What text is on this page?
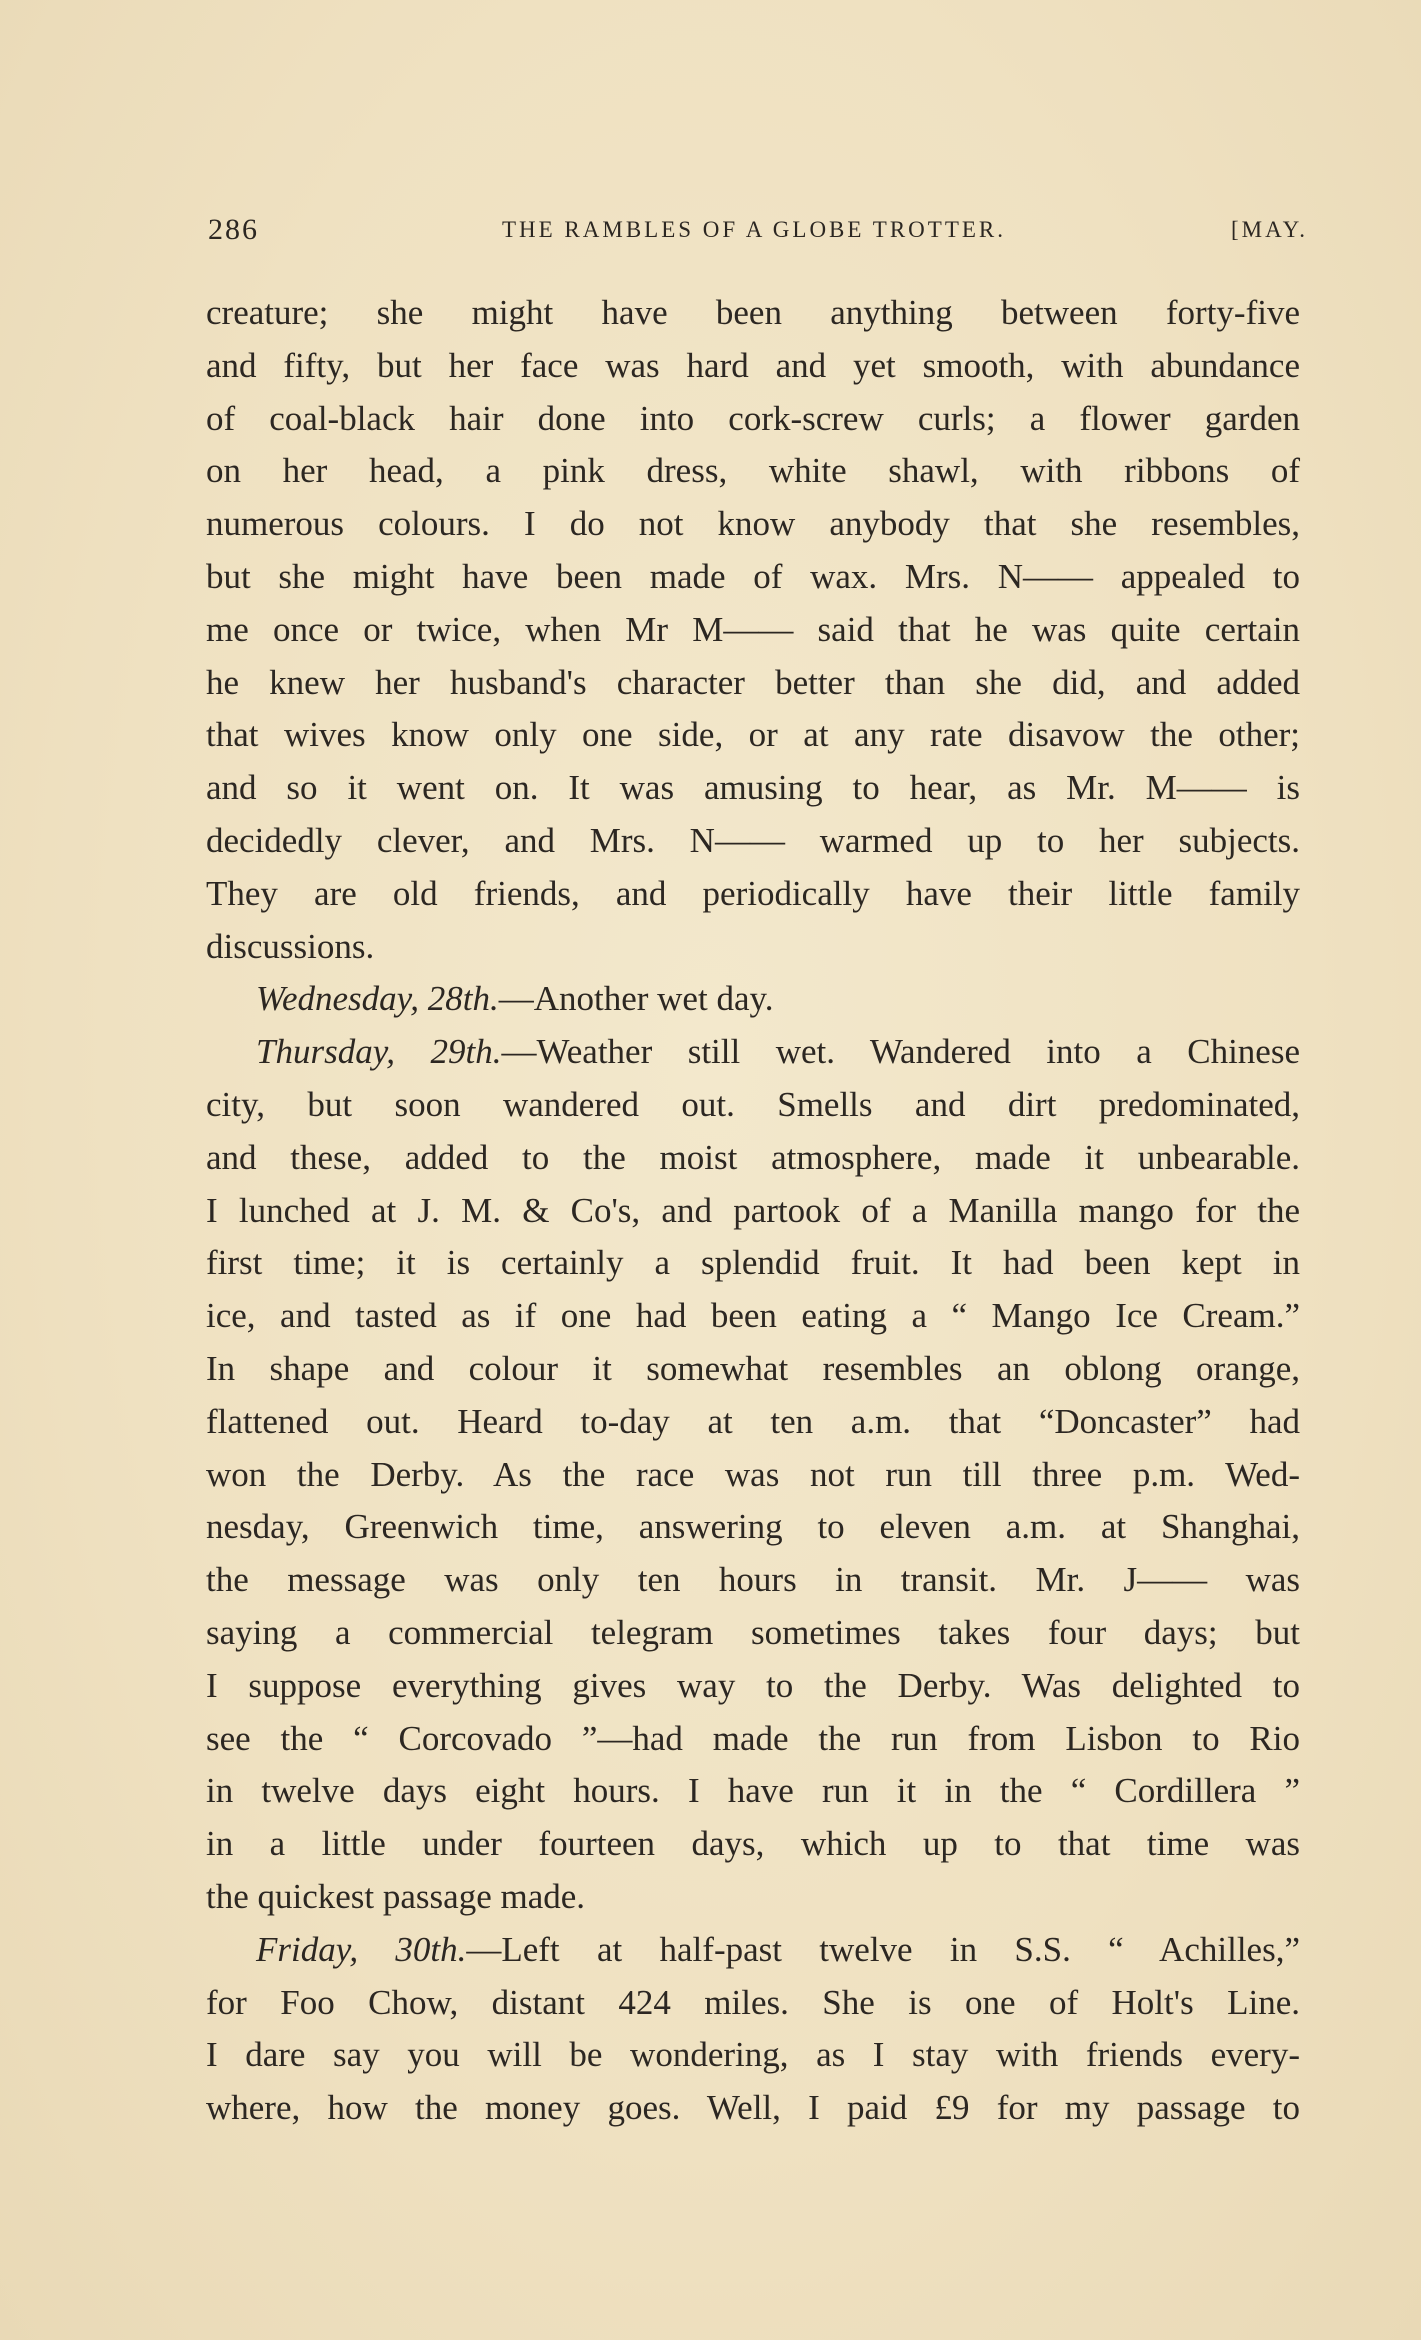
286	THE RAMBLES OF A GLOBE TROTTER.	[MAY.
creature; she might have been anything between forty-five
and fifty, but her face was hard and yet smooth, with abundance
of coal-black hair done into cork-screw curls; a flower garden
on her head, a pink dress, white shawl, with ribbons of
numerous colours. I do not know anybody that she resembles,
but she might have been made of wax. Mrs. N—— appealed to
me once or twice, when Mr M—— said that he was quite certain
he knew her husband's character better than she did, and added
that wives know only one side, or at any rate disavow the other;
and so it went on. It was amusing to hear, as Mr. M—— is
decidedly clever, and Mrs. N—— warmed up to her subjects.
They are old friends, and periodically have their little family
discussions.
Wednesday, 28th.—Another wet day.
Thursday, 29th.—Weather still wet. Wandered into a Chinese
city, but soon wandered out. Smells and dirt predominated,
and these, added to the moist atmosphere, made it unbearable.
I lunched at J. M. & Co's, and partook of a Manilla mango for the
first time; it is certainly a splendid fruit. It had been kept in
ice, and tasted as if one had been eating a “ Mango Ice Cream.”
In shape and colour it somewhat resembles an oblong orange,
flattened out. Heard to-day at ten a.m. that “Doncaster” had
won the Derby. As the race was not run till three p.m. Wed-
nesday, Greenwich time, answering to eleven a.m. at Shanghai,
the message was only ten hours in transit. Mr. J—— was
saying a commercial telegram sometimes takes four days; but
I suppose everything gives way to the Derby. Was delighted to
see the “ Corcovado ”—had made the run from Lisbon to Rio
in twelve days eight hours. I have run it in the “ Cordillera ”
in a little under fourteen days, which up to that time was
the quickest passage made.
Friday, 30th.—Left at half-past twelve in S.S. “ Achilles,”
for Foo Chow, distant 424 miles. She is one of Holt's Line.
I dare say you will be wondering, as I stay with friends every-
where, how the money goes. Well, I paid £9 for my passage to
